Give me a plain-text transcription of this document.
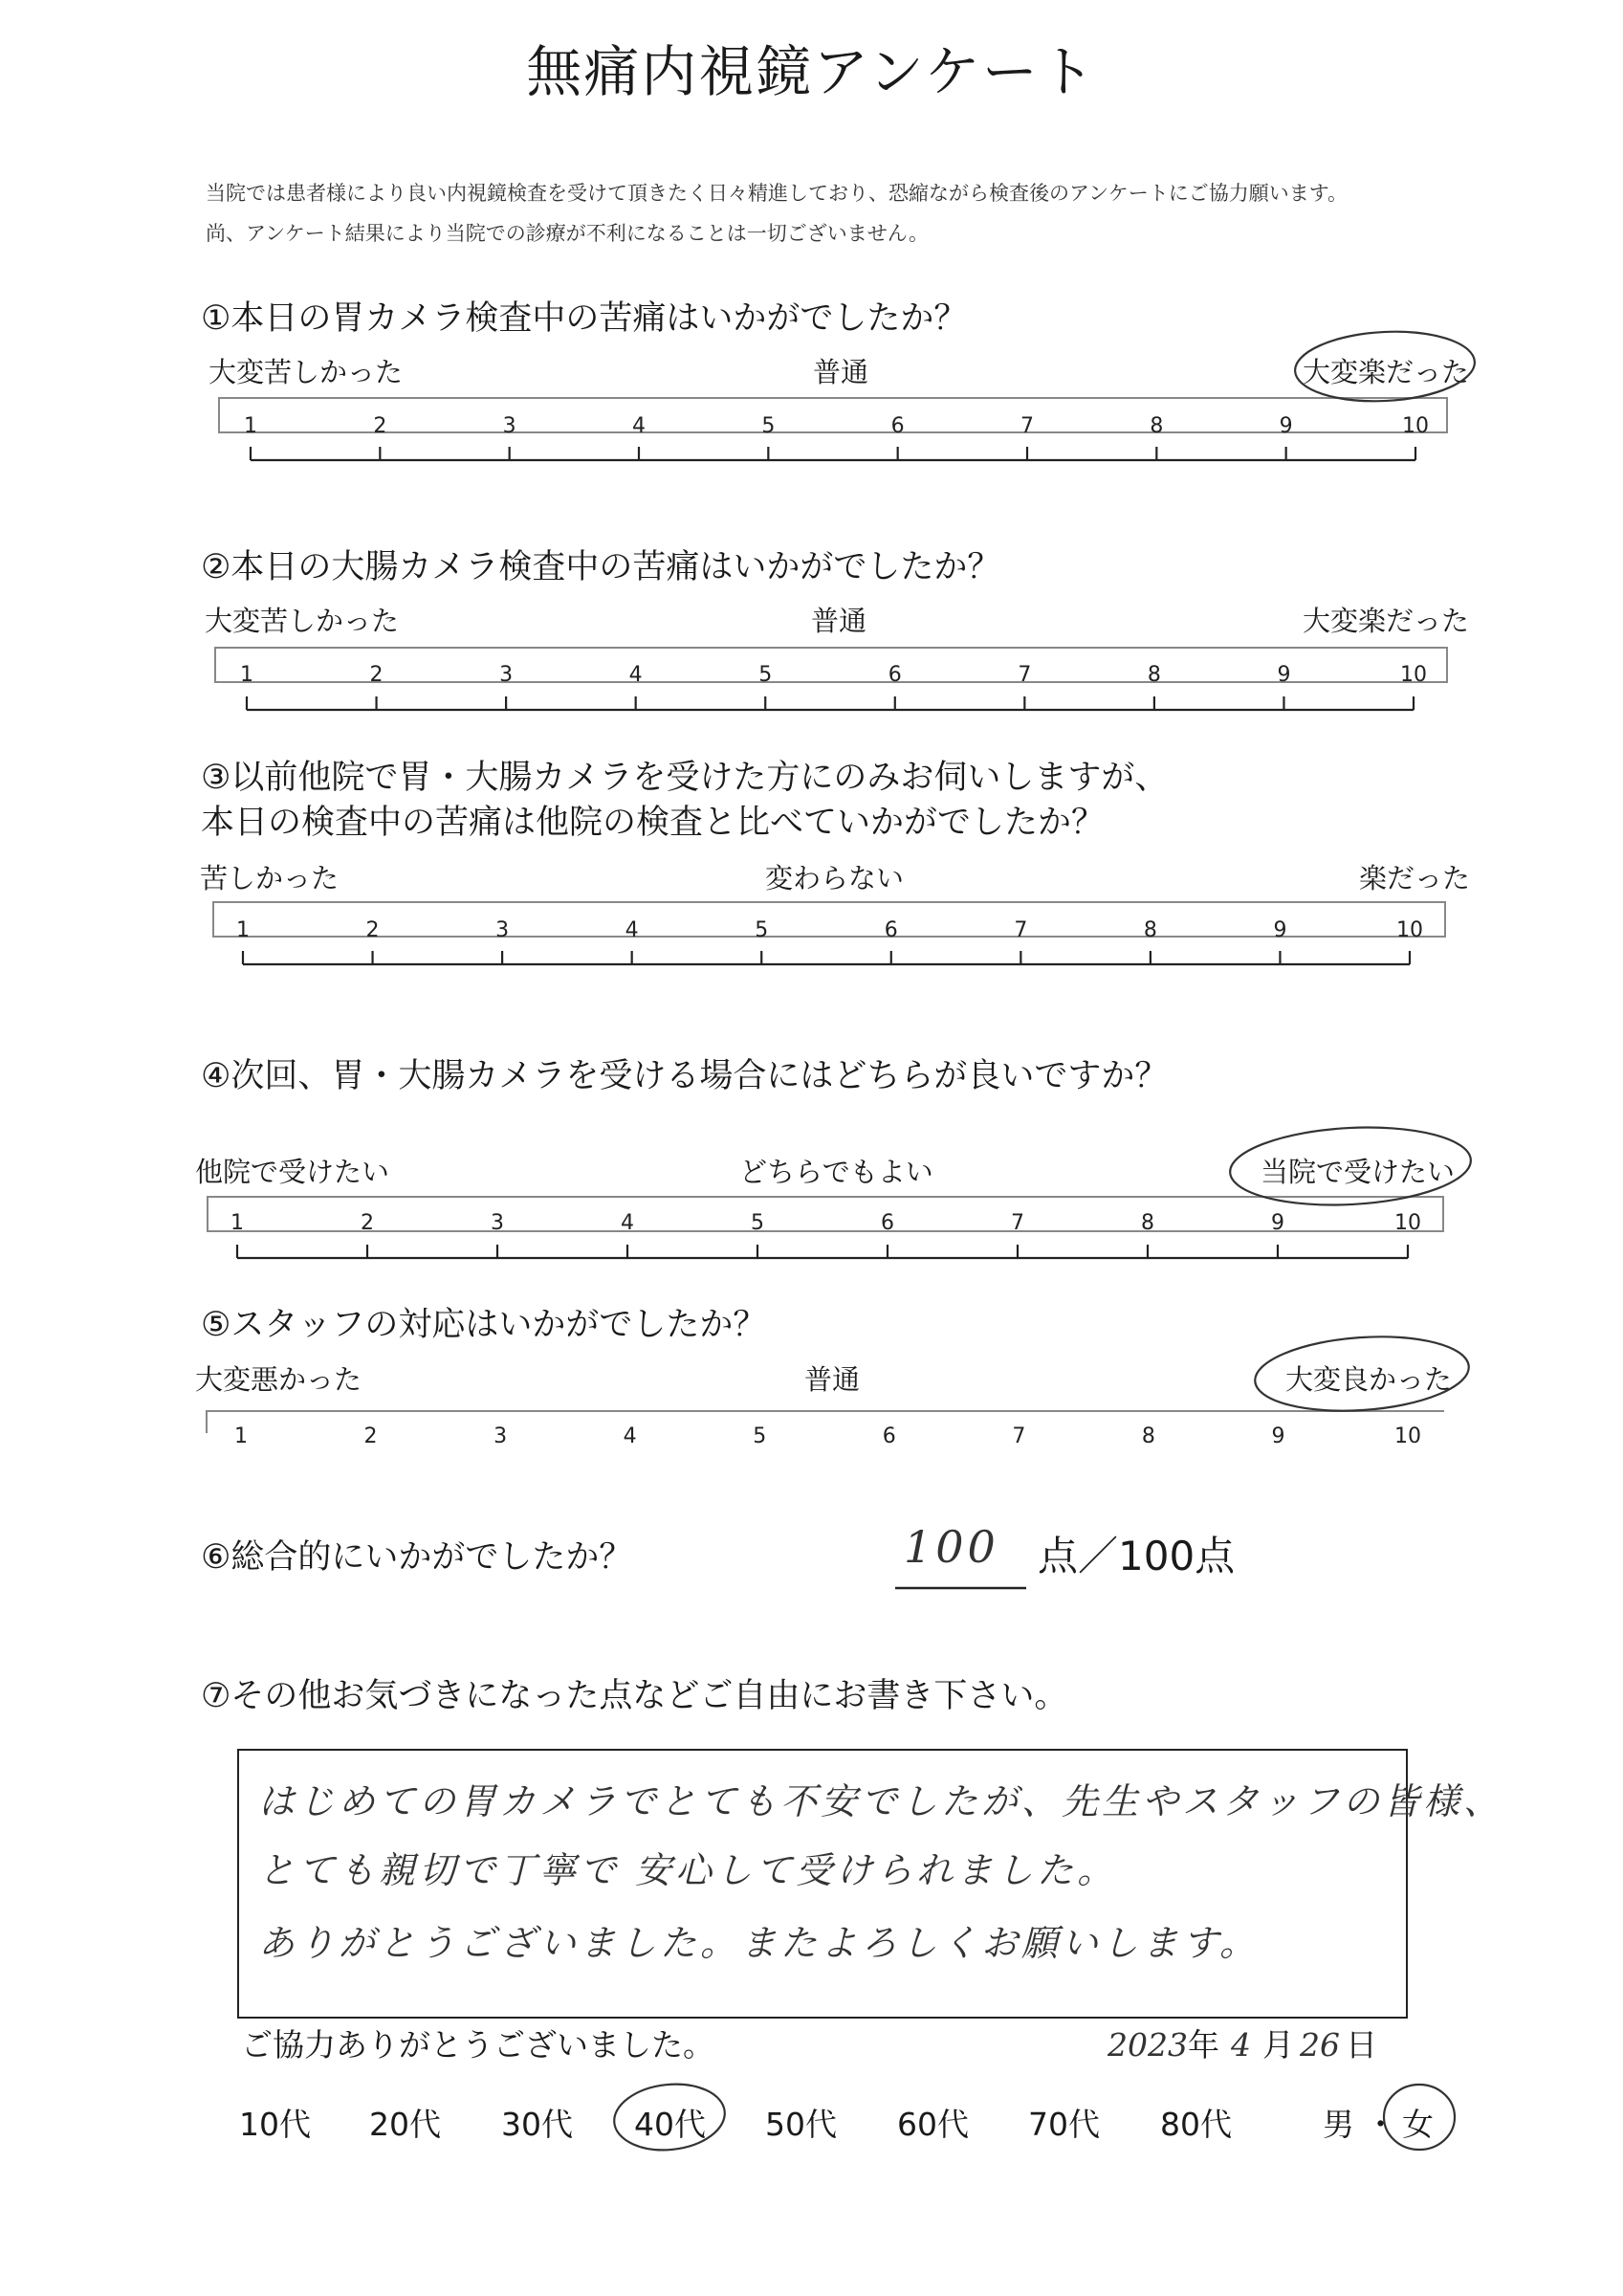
無痛内視鏡アンケート
当院では患者様により良い内視鏡検査を受けて頂きたく日々精進しており、恐縮ながら検査後のアンケートにご協力願います。
尚、アンケート結果により当院での診療が不利になることは一切ございません。
①本日の胃カメラ検査中の苦痛はいかがでしたか？
大変苦しかった	普通	大変楽だった
②本日の大腸カメラ検査中の苦痛はいかがでしたか？
大変苦しかった	普通	大変楽だった
③以前他院で胃・大腸カメラを受けた方にのみお伺いしますが、
本日の検査中の苦痛は他院の検査と比べていかがでしたか？
苦しかった	変わらない	楽だった
④次回、胃・大腸カメラを受ける場合にはどちらが良いですか？
他院で受けたい	どちらでもよい	当院で受けたい
⑤スタッフの対応はいかがでしたか？
大変悪かった	普通	大変良かった
⑥総合的にいかがでしたか？	100 点／100点
⑦その他お気づきになった点などご自由にお書き下さい。
はじめての胃カメラでとても不安でしたが、先生やスタッフの皆様、
とても親切で丁寧で 安心して受けられました。
ありがとうございました。またよろしくお願いします。
ご協力ありがとうございました。	2023年 4 月 26 日
10代 20代 30代 40代 50代 60代 70代 80代	男 ・ 女
1	2	3	4	5	6	7	8	9	10
1	2	3	4	5	6	7	8	9	10
1	2	3	4	5	6	7	8	9	10
1	2	3	4	5	6	7	8	9	10
1	2	3	4	5	6	7	8	9	10
